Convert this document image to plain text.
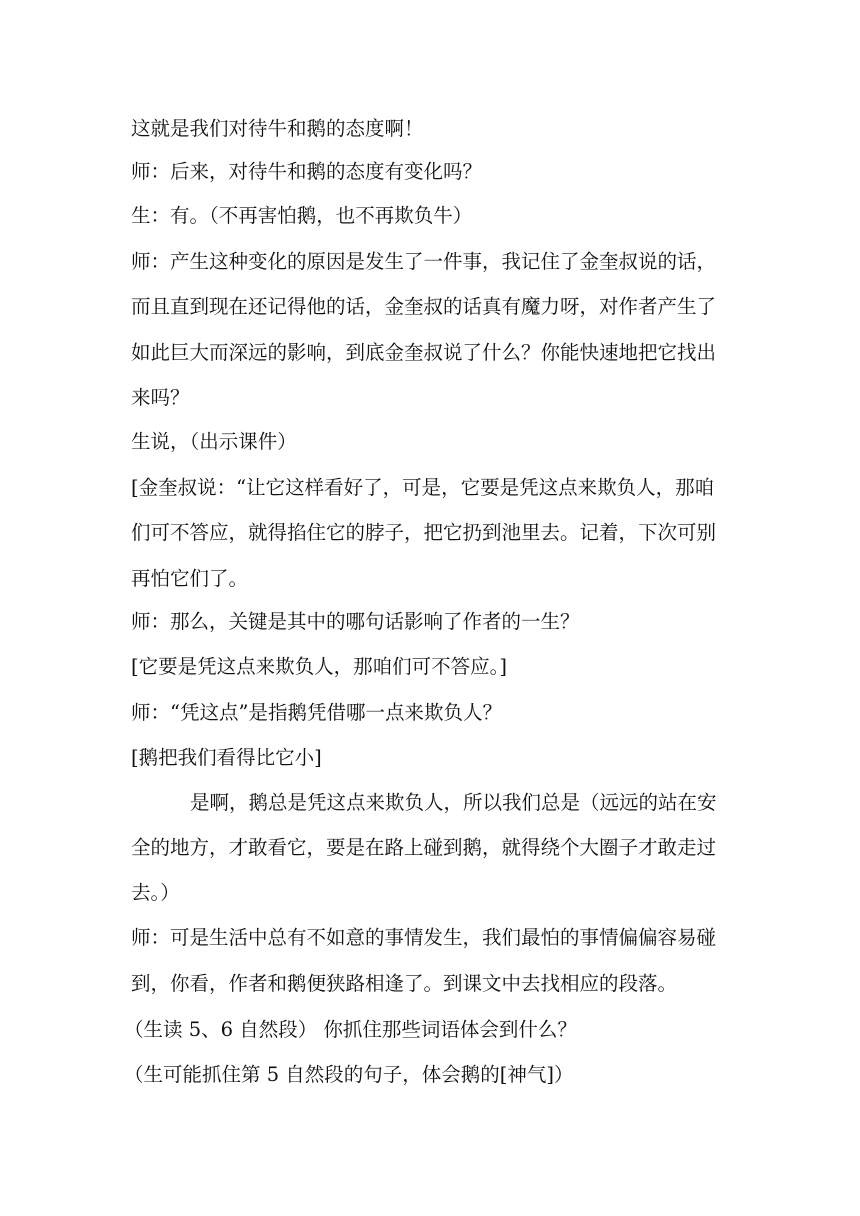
这就是我们对待牛和鹅的态度啊！
师：后来，对待牛和鹅的态度有变化吗？
生：有。（不再害怕鹅，也不再欺负牛）
师：产生这种变化的原因是发生了一件事，我记住了金奎叔说的话，
而且直到现在还记得他的话，金奎叔的话真有魔力呀，对作者产生了
如此巨大而深远的影响，到底金奎叔说了什么？你能快速地把它找出
来吗？
生说，（出示课件）
[金奎叔说：“让它这样看好了，可是，它要是凭这点来欺负人，那咱
们可不答应，就得掐住它的脖子，把它扔到池里去。记着，下次可别
再怕它们了。
师：那么，关键是其中的哪句话影响了作者的一生？
[它要是凭这点来欺负人，那咱们可不答应。]
师：“凭这点”是指鹅凭借哪一点来欺负人？
[鹅把我们看得比它小]
是啊，鹅总是凭这点来欺负人，所以我们总是（远远的站在安
全的地方，才敢看它，要是在路上碰到鹅，就得绕个大圈子才敢走过
去。）
师：可是生活中总有不如意的事情发生，我们最怕的事情偏偏容易碰
到，你看，作者和鹅便狭路相逢了。到课文中去找相应的段落。
（生读 5、6 自然段） 你抓住那些词语体会到什么？
（生可能抓住第 5 自然段的句子，体会鹅的[神气]）
